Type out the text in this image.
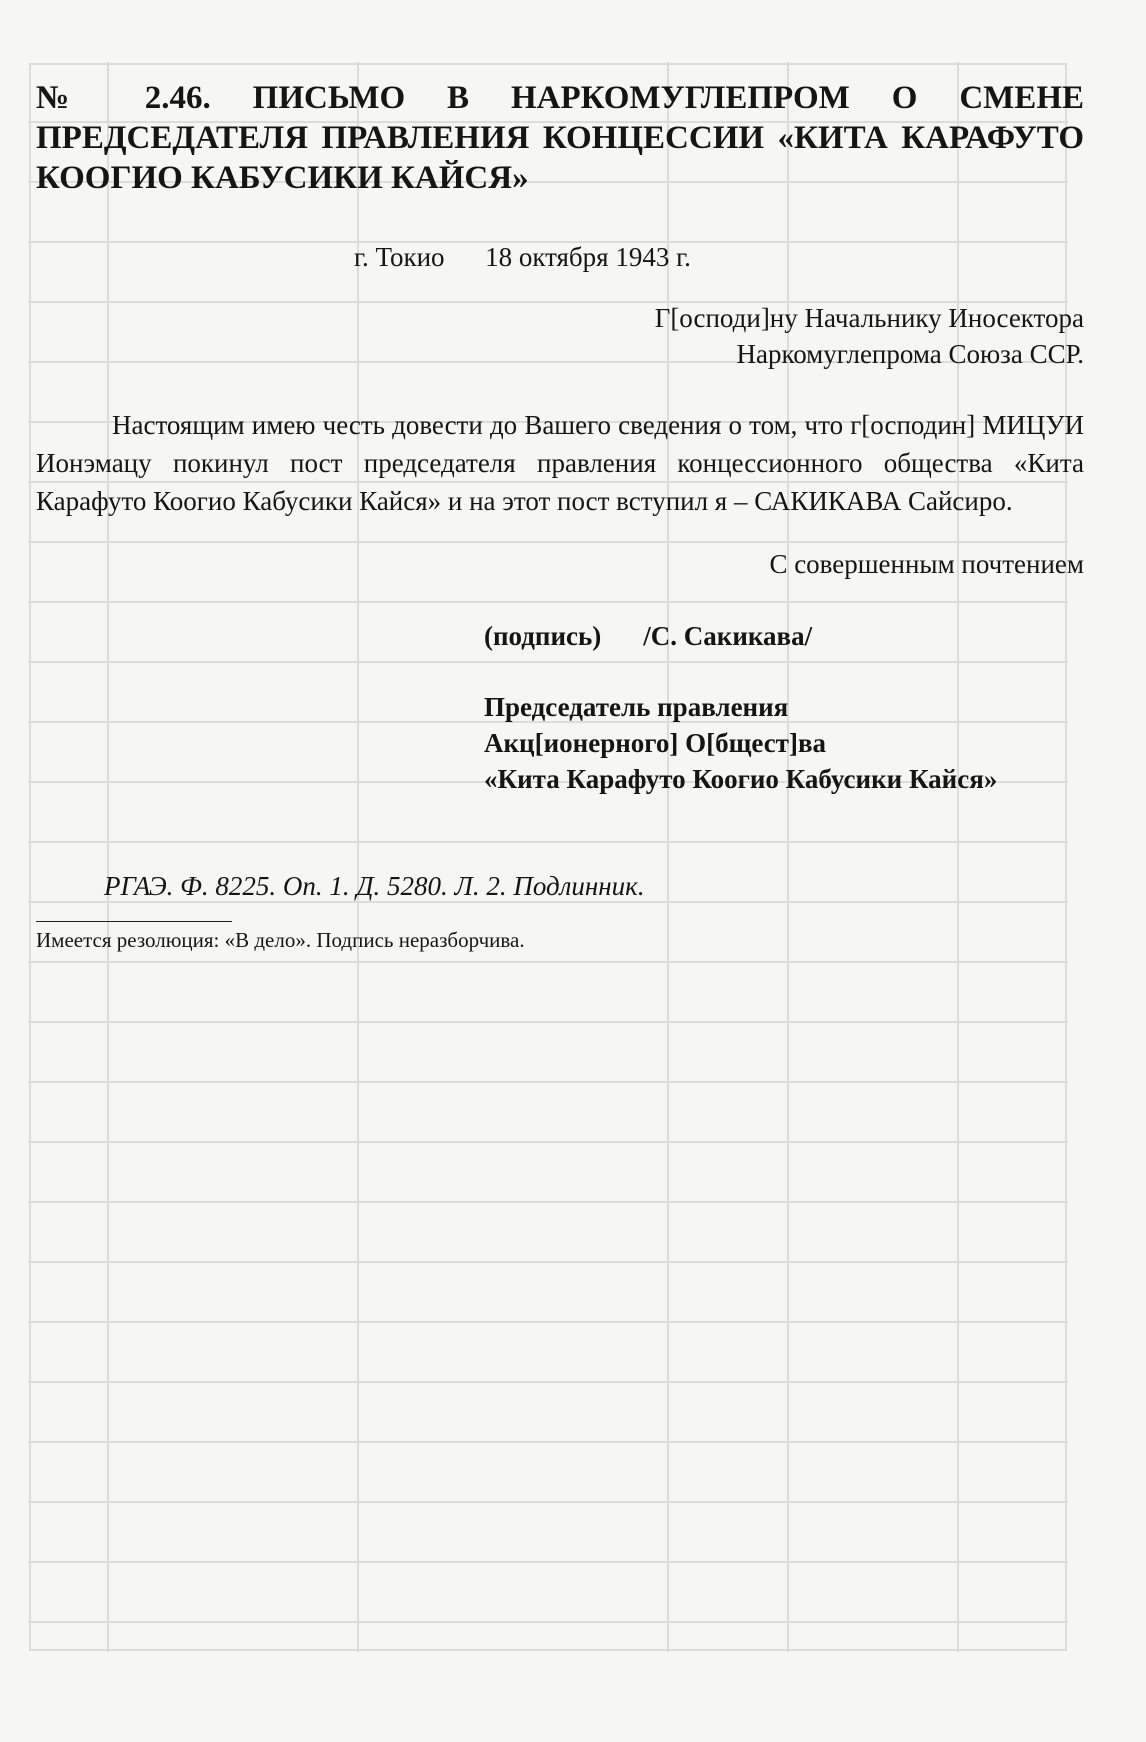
№ 2.46. ПИСЬМО В НАРКОМУГЛЕПРОМ О СМЕНЕ
ПРЕДСЕДАТЕЛЯ ПРАВЛЕНИЯ КОНЦЕССИИ «КИТА КАРАФУТО
КООГИО КАБУСИКИ КАЙСЯ»
г. Токио 18 октября 1943 г.
Г[осподи]ну Начальнику Иносектора
Наркомуглепрома Союза ССР.

Настоящим имею честь довести до Вашего сведения о том, что г[осподин] МИЦУИ Ионэмацу покинул пост председателя правления концессионного общества «Кита Карафуто Коогио Кабусики Кайся» и на этот пост вступил я – САКИКАВА Сайсиро.

С совершенным почтением
(подпись) /С. Сакикава/
Председатель правления
Акц[ионерного] О[бщест]ва
«Кита Карафуто Коогио Кабусики Кайся»
РГАЭ. Ф. 8225. Оп. 1. Д. 5280. Л. 2. Подлинник.
Имеется резолюция: «В дело». Подпись неразборчива.
